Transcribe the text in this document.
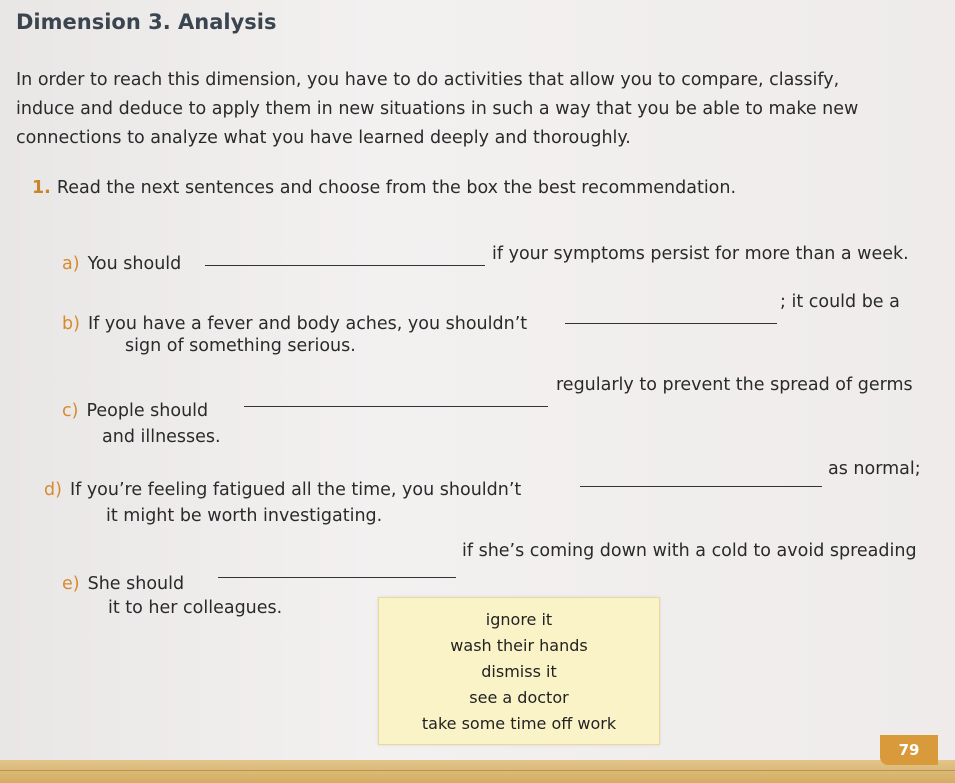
Dimension 3. Analysis
In order to reach this dimension, you have to do activities that allow you to compare, classify,
induce and deduce to apply them in new situations in such a way that you be able to make new
connections to analyze what you have learned deeply and thoroughly.
1. Read the next sentences and choose from the box the best recommendation.
a) You should	if your symptoms persist for more than a week.
b) If you have a fever and body aches, you shouldn’t
; it could be a
sign of something serious.
c) People should
regularly to prevent the spread of germs
and illnesses.
d) If you’re feeling fatigued all the time, you shouldn’t
as normal;
it might be worth investigating.
e) She should
if she’s coming down with a cold to avoid spreading
it to her colleagues.
ignore it
wash their hands
dismiss it
see a doctor
take some time off work
79
